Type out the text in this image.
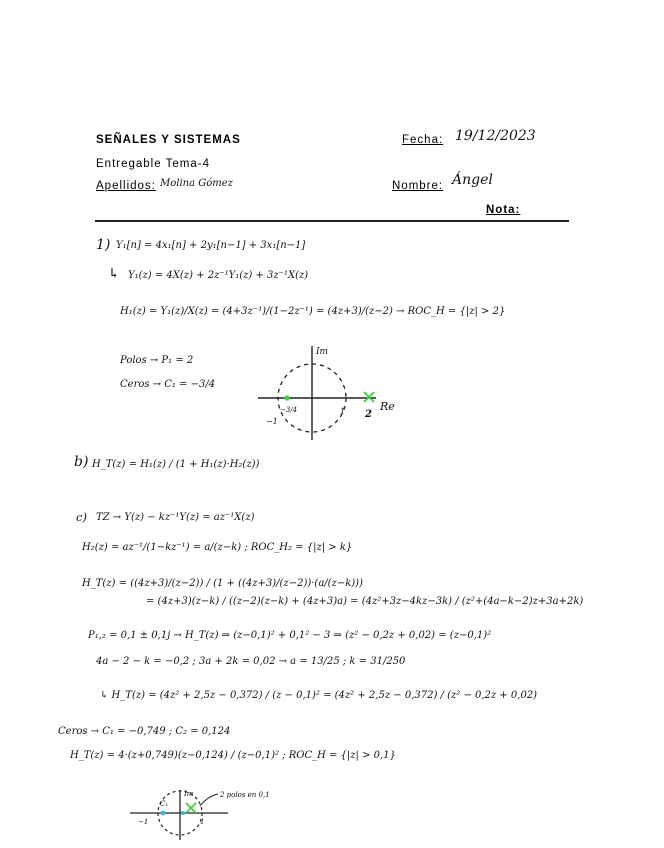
SEÑALES Y SISTEMAS
Entregable Tema-4
Apellidos: Molina Gómez
Fecha: 19/12/2023
Nombre: Ángel
Nota:
1) Y₁[n] = 4x₁[n] + 2y₁[n−1] + 3x₁[n−1]
↳ Y₁(z) = 4X(z) + 2z⁻¹Y₁(z) + 3z⁻¹X(z)
H₁(z) = Y₁(z)/X(z) = (4+3z⁻¹)/(1−2z⁻¹) = (4z+3)/(z−2) → ROC_H = {|z| > 2}
Polos → P₁ = 2
Ceros → C₁ = −3/4
Im
Re
−1
1
−3/4	2
b) H_T(z) = H₁(z) / (1 + H₁(z)·H₂(z))
c) TZ → Y(z) − kz⁻¹Y(z) = az⁻¹X(z)
H₂(z) = az⁻¹/(1−kz⁻¹) = a/(z−k) ; ROC_H₂ = {|z| > k}
H_T(z) = ((4z+3)/(z−2)) / (1 + ((4z+3)/(z−2))·(a/(z−k)))
= (4z+3)(z−k) / ((z−2)(z−k) + (4z+3)a) = (4z²+3z−4kz−3k) / (z²+(4a−k−2)z+3a+2k)
P₁,₂ = 0,1 ± 0,1j → H_T(z) ⇒ (z−0,1)² + 0,1² − 3 ⇒ (z² − 0,2z + 0,02) = (z−0,1)²
4a − 2 − k = −0,2 ; 3a + 2k = 0,02 → a = 13/25 ; k = 31/250
↳ H_T(z) = (4z² + 2,5z − 0,372) / (z − 0,1)² = (4z² + 2,5z − 0,372) / (z² − 0,2z + 0,02)
Ceros → C₁ = −0,749 ; C₂ = 0,124
H_T(z) = 4·(z+0,749)(z−0,124) / (z−0,1)² ; ROC_H = {|z| > 0,1}
Im
−1	1
C₁
2 polos en 0,1
